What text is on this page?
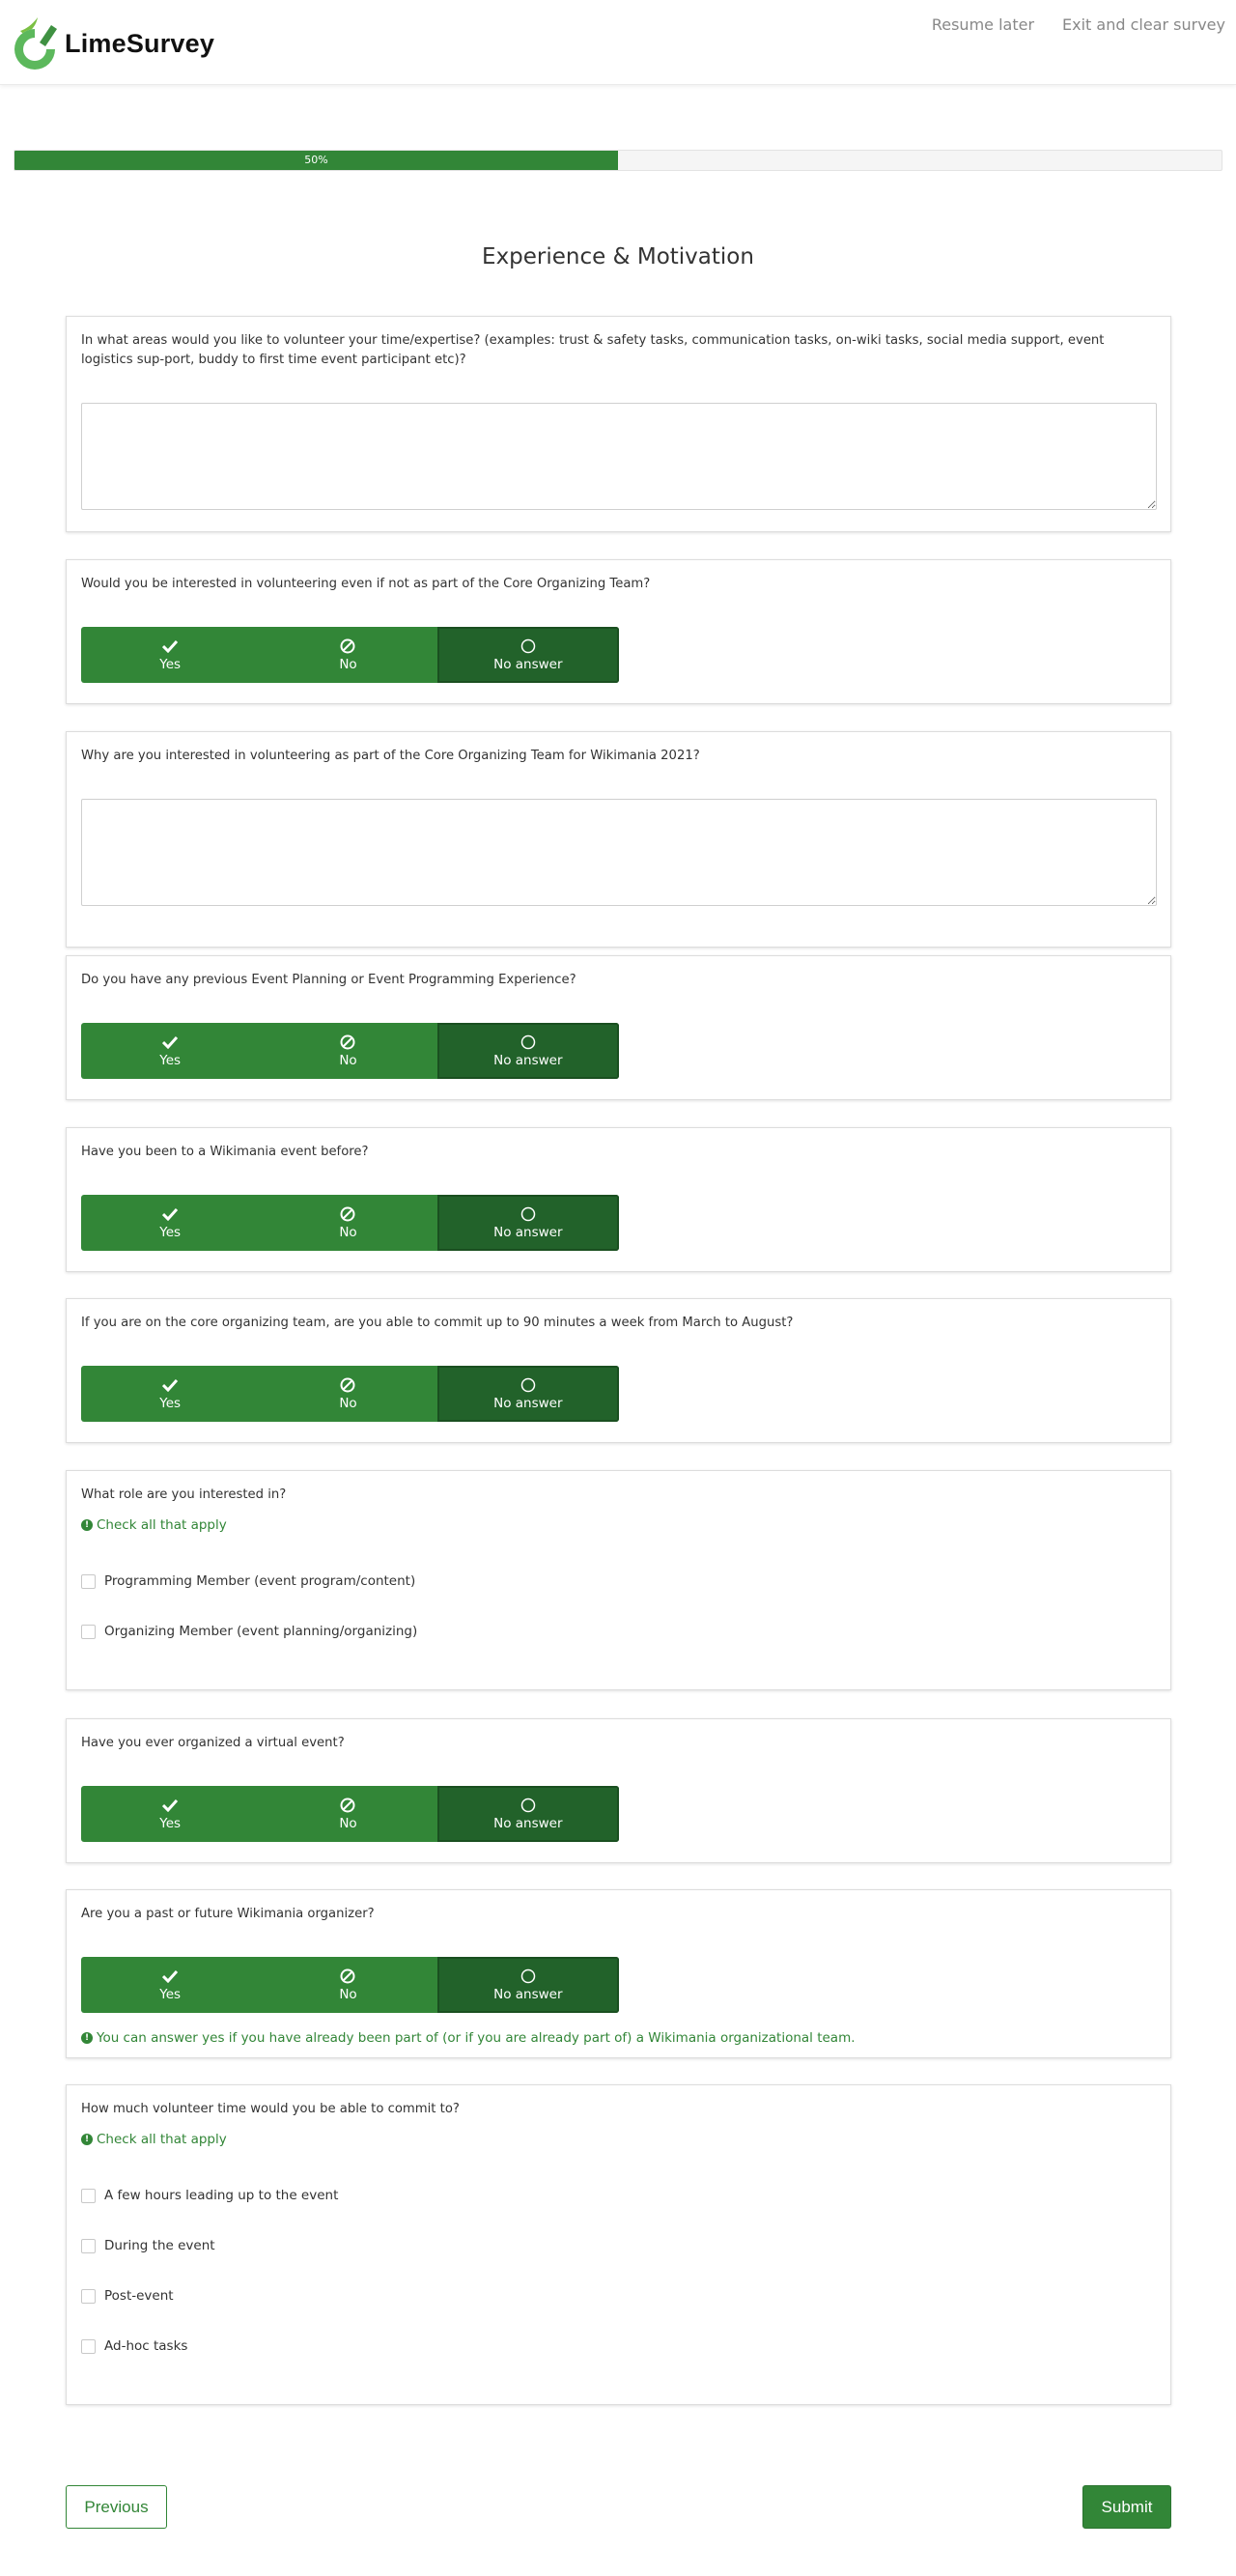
LimeSurvey
Resume later Exit and clear survey
50%
Experience & Motivation
In what areas would you like to volunteer your time/expertise? (examples: trust & safety tasks, communication tasks, on-wiki tasks, social media support, event logistics sup-port, buddy to first time event participant etc)?
Would you be interested in volunteering even if not as part of the Core Organizing Team?
Yes	No	No answer
Why are you interested in volunteering as part of the Core Organizing Team for Wikimania 2021?
Do you have any previous Event Planning or Event Programming Experience?
Yes	No	No answer
Have you been to a Wikimania event before?
Yes	No	No answer
If you are on the core organizing team, are you able to commit up to 90 minutes a week from March to August?
Yes	No	No answer
What role are you interested in?
! Check all that apply
Programming Member (event program/content)
Organizing Member (event planning/organizing)
Have you ever organized a virtual event?
Yes	No	No answer
Are you a past or future Wikimania organizer?
Yes	No	No answer
! You can answer yes if you have already been part of (or if you are already part of) a Wikimania organizational team.
How much volunteer time would you be able to commit to?
! Check all that apply
A few hours leading up to the event
During the event
Post-event
Ad-hoc tasks
Previous	Submit
